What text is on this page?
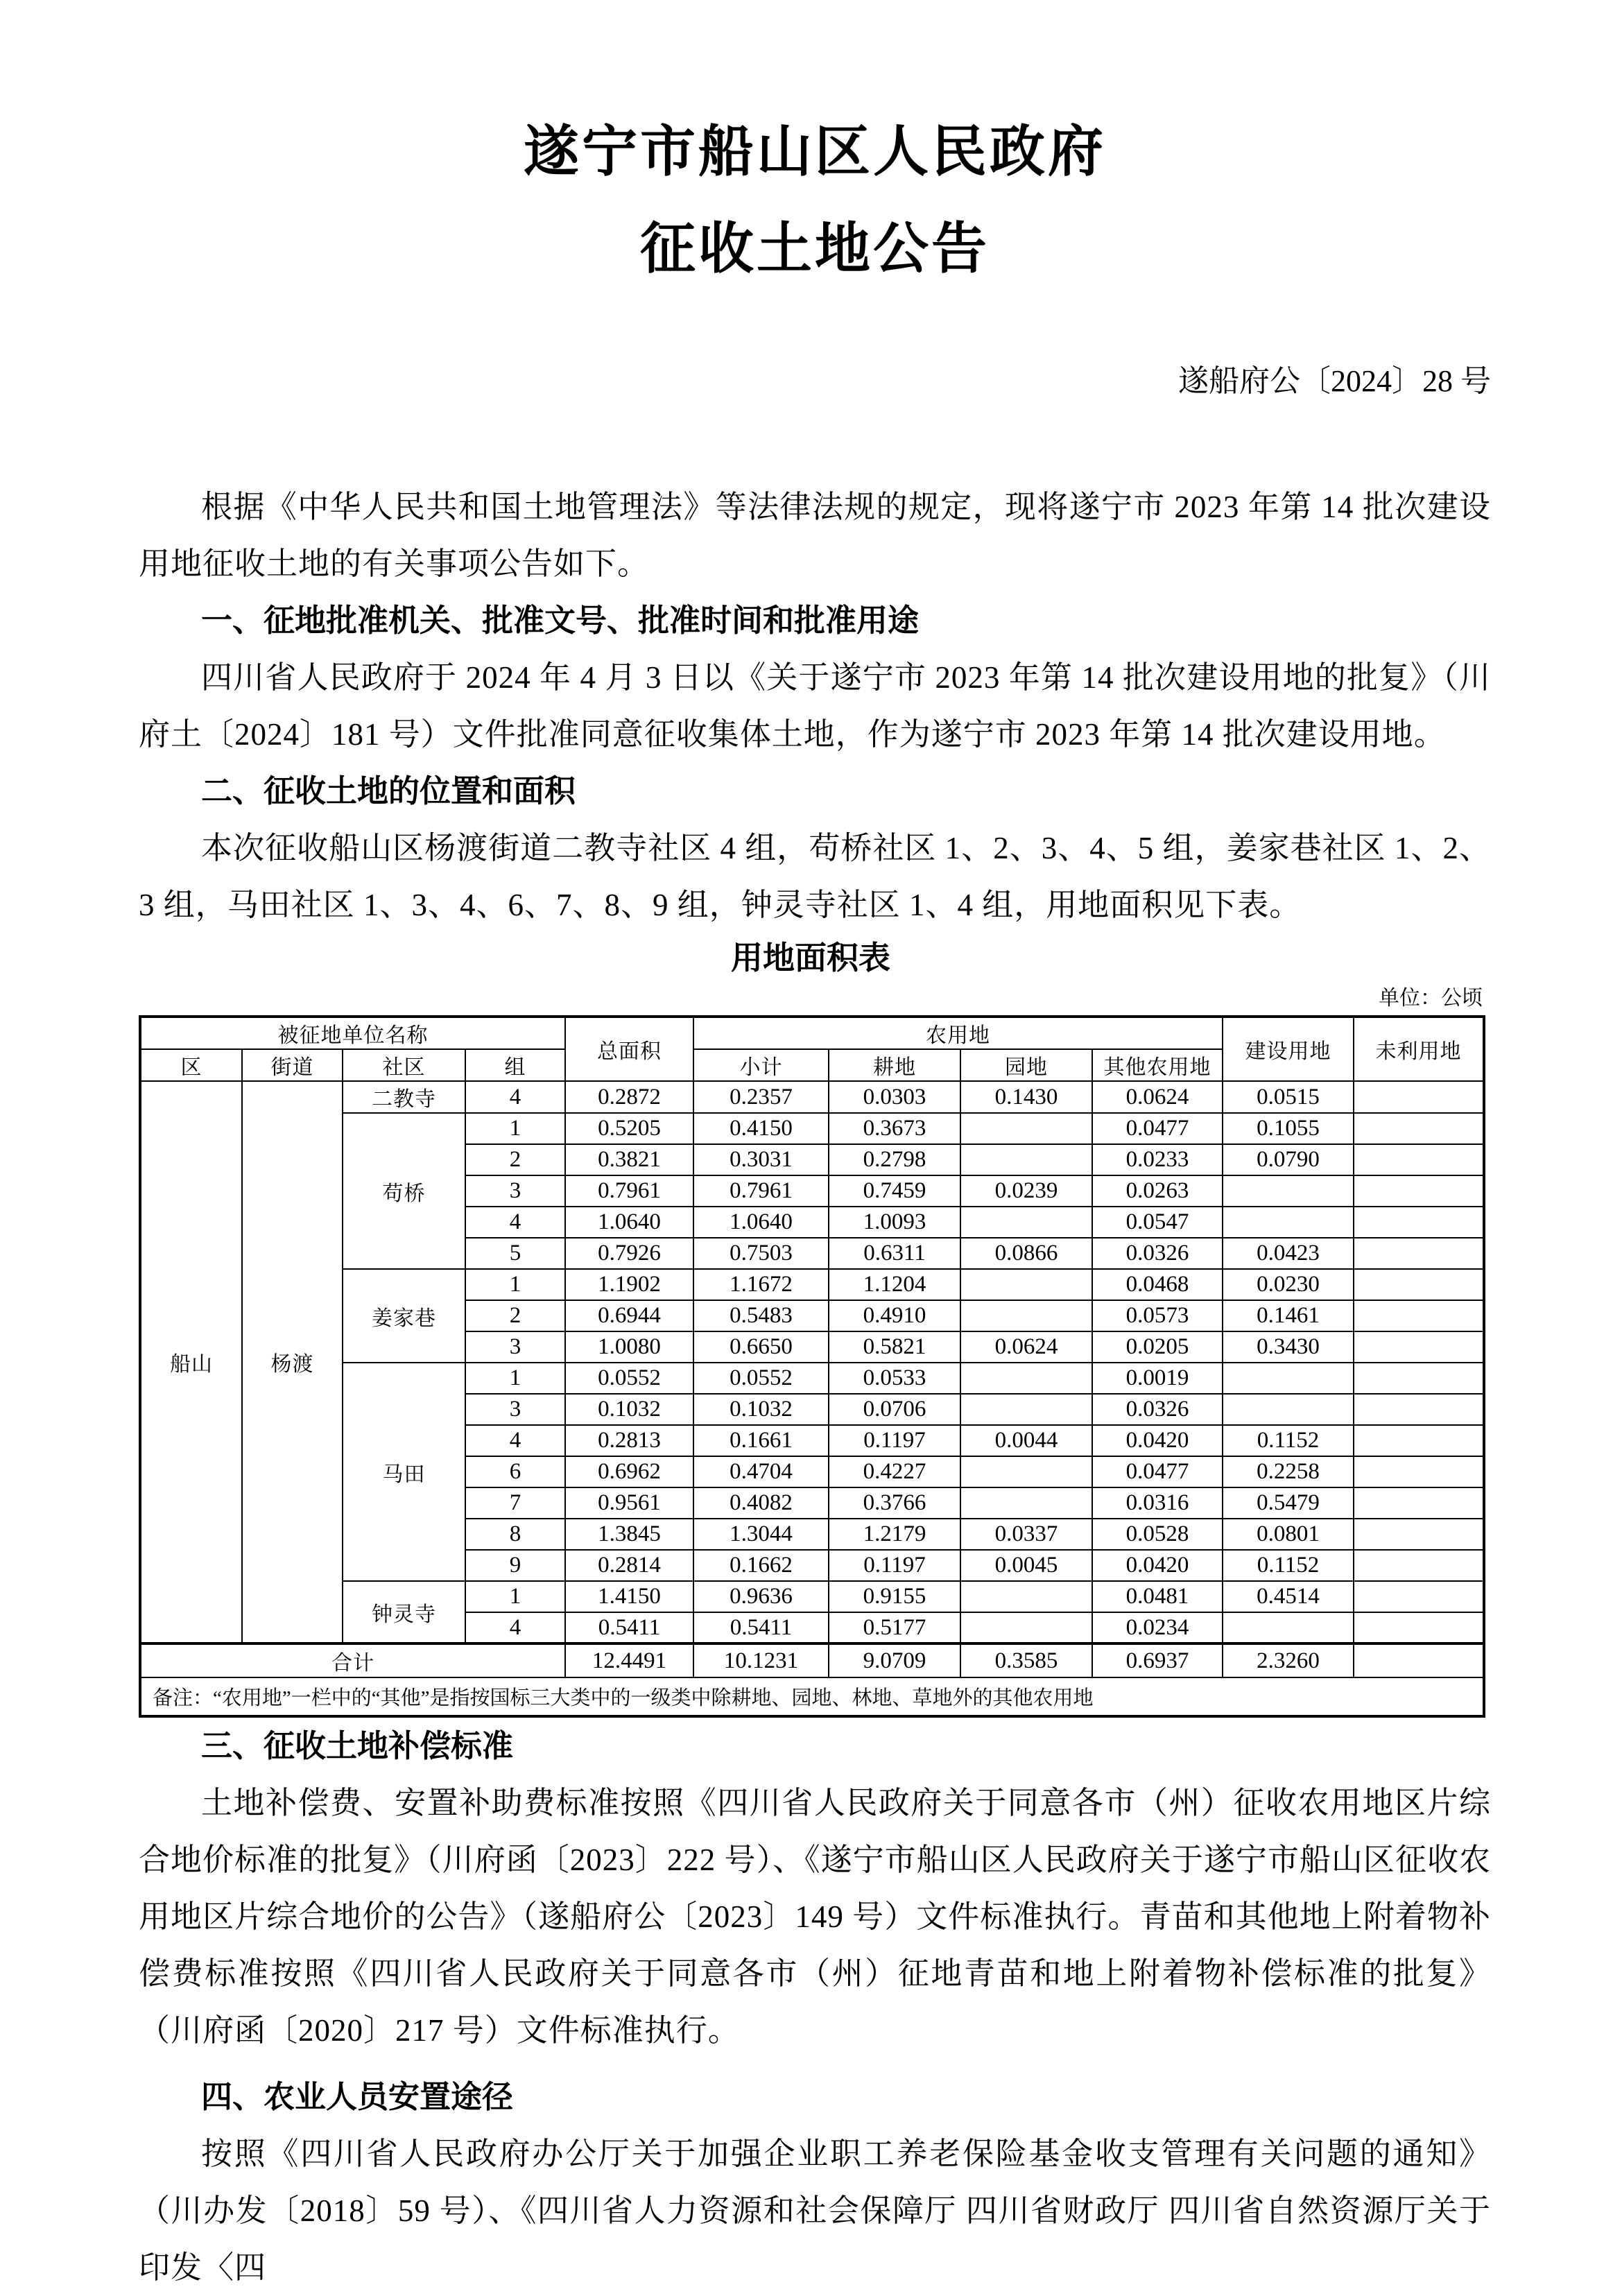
遂宁市船山区人民政府
征收土地公告
遂船府公〔2024〕28 号

根据《中华人民共和国土地管理法》等法律法规的规定，现将遂宁市 2023 年第 14 批次建设用地征收土地的有关事项公告如下。

一、征地批准机关、批准文号、批准时间和批准用途

四川省人民政府于 2024 年 4 月 3 日以《关于遂宁市 2023 年第 14 批次建设用地的批复》（川府土〔2024〕181 号）文件批准同意征收集体土地，作为遂宁市 2023 年第 14 批次建设用地。

二、征收土地的位置和面积

本次征收船山区杨渡街道二教寺社区 4 组，苟桥社区 1、2、3、4、5 组，姜家巷社区 1、2、3 组，马田社区 1、3、4、6、7、8、9 组，钟灵寺社区 1、4 组，用地面积见下表。

用地面积表
单位：公顷
被征地单位名称				总面积	农用地				建设用地	未利用地
区	街道	社区	组		小计	耕地	园地	其他农用地		
船山	杨渡	二教寺	4	0.2872	0.2357	0.0303	0.1430	0.0624	0.0515	
		苟桥	1	0.5205	0.4150	0.3673		0.0477	0.1055	
			2	0.3821	0.3031	0.2798		0.0233	0.0790	
			3	0.7961	0.7961	0.7459	0.0239	0.0263		
			4	1.0640	1.0640	1.0093		0.0547		
			5	0.7926	0.7503	0.6311	0.0866	0.0326	0.0423	
		姜家巷	1	1.1902	1.1672	1.1204		0.0468	0.0230	
			2	0.6944	0.5483	0.4910		0.0573	0.1461	
			3	1.0080	0.6650	0.5821	0.0624	0.0205	0.3430	
		马田	1	0.0552	0.0552	0.0533		0.0019		
			3	0.1032	0.1032	0.0706		0.0326		
			4	0.2813	0.1661	0.1197	0.0044	0.0420	0.1152	
			6	0.6962	0.4704	0.4227		0.0477	0.2258	
			7	0.9561	0.4082	0.3766		0.0316	0.5479	
			8	1.3845	1.3044	1.2179	0.0337	0.0528	0.0801	
			9	0.2814	0.1662	0.1197	0.0045	0.0420	0.1152	
		钟灵寺	1	1.4150	0.9636	0.9155		0.0481	0.4514	
			4	0.5411	0.5411	0.5177		0.0234		
合计				12.4491	10.1231	9.0709	0.3585	0.6937	2.3260	
备注：“农用地”一栏中的“其他”是指按国标三大类中的一级类中除耕地、园地、林地、草地外的其他农用地										

三、征收土地补偿标准

土地补偿费、安置补助费标准按照《四川省人民政府关于同意各市（州）征收农用地区片综合地价标准的批复》（川府函〔2023〕222 号）、《遂宁市船山区人民政府关于遂宁市船山区征收农用地区片综合地价的公告》（遂船府公〔2023〕149 号）文件标准执行。青苗和其他地上附着物补偿费标准按照《四川省人民政府关于同意各市（州）征地青苗和地上附着物补偿标准的批复》（川府函〔2020〕217 号）文件标准执行。

四、农业人员安置途径

按照《四川省人民政府办公厅关于加强企业职工养老保险基金收支管理有关问题的通知》（川办发〔2018〕59 号）、《四川省人力资源和社会保障厅 四川省财政厅 四川省自然资源厅关于印发〈四
